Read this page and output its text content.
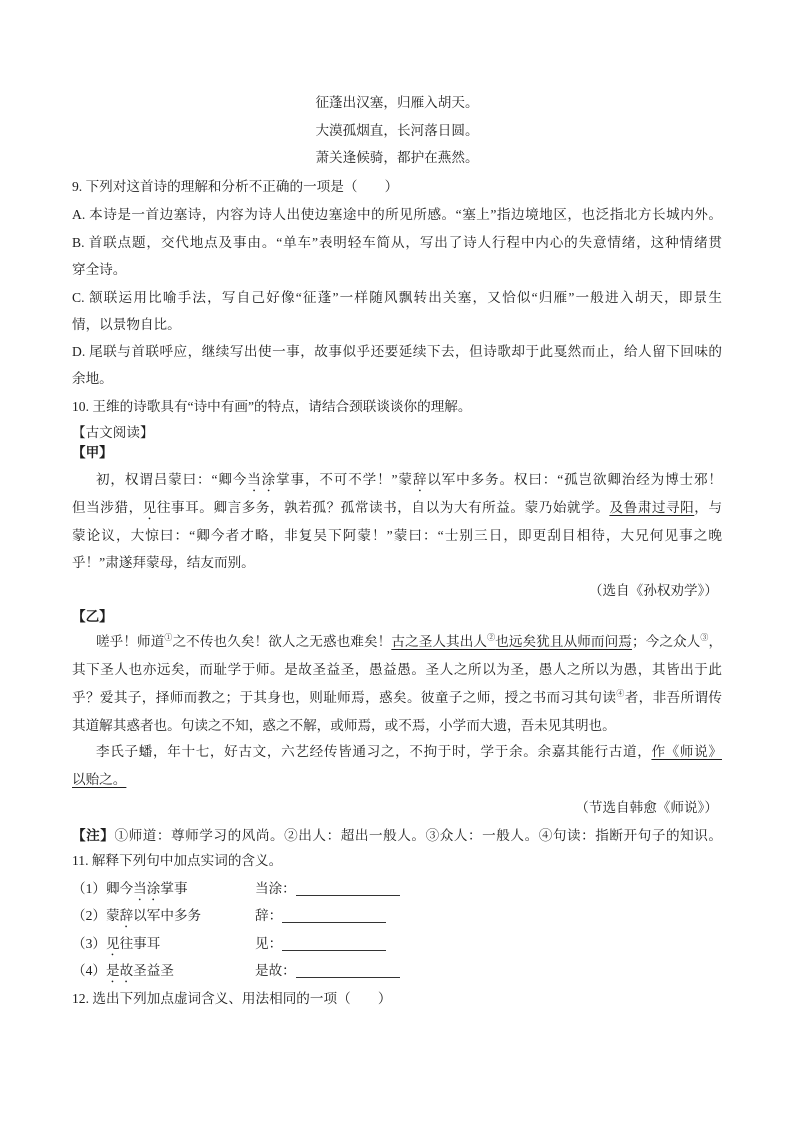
征蓬出汉塞，归雁入胡天。
大漠孤烟直，长河落日圆。
萧关逢候骑，都护在燕然。
9. 下列对这首诗的理解和分析不正确的一项是（　　）
A. 本诗是一首边塞诗，内容为诗人出使边塞途中的所见所感。“塞上”指边境地区，也泛指北方长城内外。
B. 首联点题，交代地点及事由。“单车”表明轻车简从，写出了诗人行程中内心的失意情绪，这种情绪贯
穿全诗。
C. 颔联运用比喻手法，写自己好像“征蓬”一样随风飘转出关塞，又恰似“归雁”一般进入胡天，即景生
情，以景物自比。
D. 尾联与首联呼应，继续写出使一事，故事似乎还要延续下去，但诗歌却于此戛然而止，给人留下回味的
余地。
10. 王维的诗歌具有“诗中有画”的特点，请结合颈联谈谈你的理解。
【古文阅读】
【甲】
初，权谓吕蒙曰：“卿今当涂掌事，不可不学！”蒙辞以军中多务。权曰：“孤岂欲卿治经为博士邪！
但当涉猎，见往事耳。卿言多务，孰若孤？孤常读书，自以为大有所益。蒙乃始就学。及鲁肃过寻阳，与
蒙论议，大惊曰：“卿今者才略，非复吴下阿蒙！”蒙曰：“士别三日，即更刮目相待，大兄何见事之晚
乎！”肃遂拜蒙母，结友而别。
（选自《孙权劝学》）
【乙】
嗟乎！师道①之不传也久矣！欲人之无惑也难矣！古之圣人其出人②也远矣犹且从师而问焉；今之众人③，
其下圣人也亦远矣，而耻学于师。是故圣益圣，愚益愚。圣人之所以为圣，愚人之所以为愚，其皆出于此
乎？爱其子，择师而教之；于其身也，则耻师焉，惑矣。彼童子之师，授之书而习其句读④者，非吾所谓传
其道解其惑者也。句读之不知，惑之不解，或师焉，或不焉，小学而大遗，吾未见其明也。
李氏子蟠，年十七，好古文，六艺经传皆通习之，不拘于时，学于余。余嘉其能行古道，作《师说》
以贻之。
（节选自韩愈《师说》）
【注】①师道：尊师学习的风尚。②出人：超出一般人。③众人：一般人。④句读：指断开句子的知识。
11. 解释下列句中加点实词的含义。
（1）卿今当涂掌事	当涂：
（2）蒙辞以军中多务	辞：
（3）见往事耳	见：
（4）是故圣益圣	是故：
12. 选出下列加点虚词含义、用法相同的一项（　　）
